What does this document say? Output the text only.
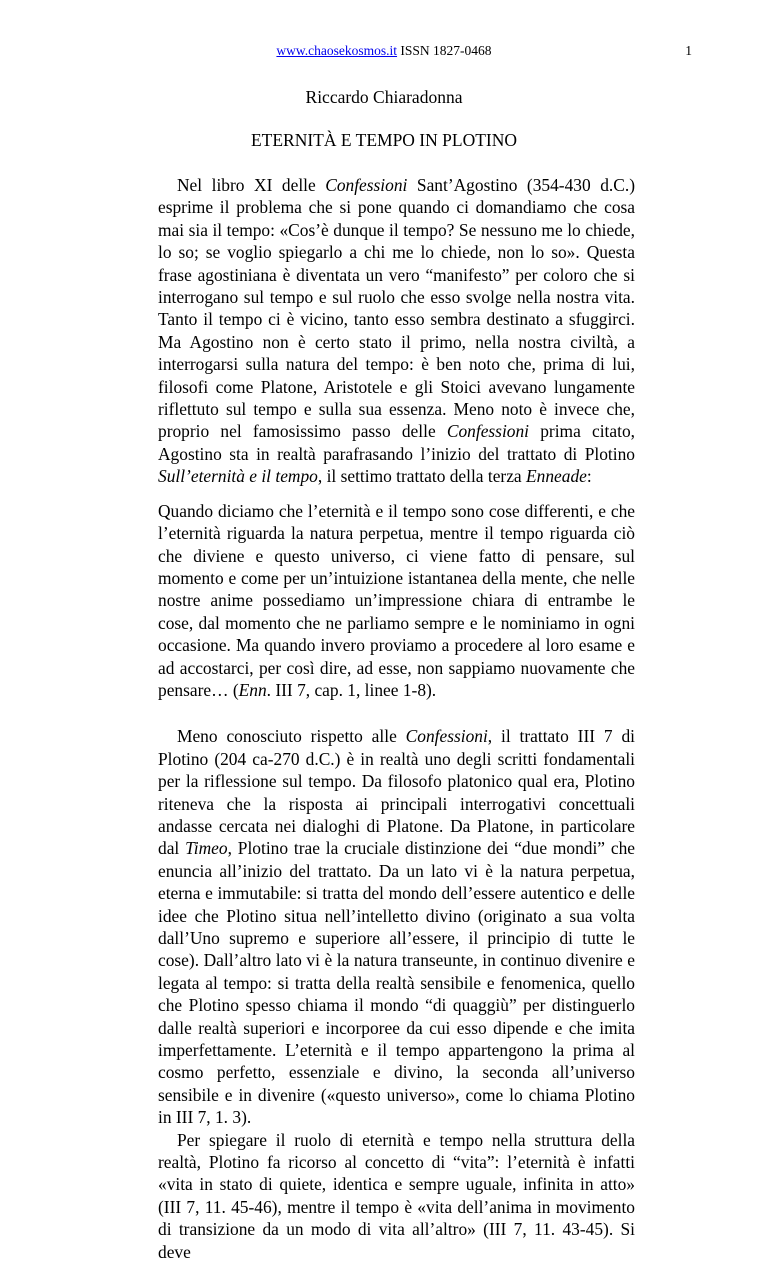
www.chaosekosmos.it ISSN 1827-0468	1
Riccardo Chiaradonna
ETERNITÀ E TEMPO IN PLOTINO

Nel libro XI delle Confessioni Sant’Agostino (354-430 d.C.) esprime il problema che si pone quando ci domandiamo che cosa mai sia il tempo: «Cos’è dunque il tempo? Se nessuno me lo chiede, lo so; se voglio spiegarlo a chi me lo chiede, non lo so». Questa frase agostiniana è diventata un vero “manifesto” per coloro che si interrogano sul tempo e sul ruolo che esso svolge nella nostra vita. Tanto il tempo ci è vicino, tanto esso sembra destinato a sfuggirci. Ma Agostino non è certo stato il primo, nella nostra civiltà, a interrogarsi sulla natura del tempo: è ben noto che, prima di lui, filosofi come Platone, Aristotele e gli Stoici avevano lungamente riflettuto sul tempo e sulla sua essenza. Meno noto è invece che, proprio nel famosissimo passo delle Confessioni prima citato, Agostino sta in realtà parafrasando l’inizio del trattato di Plotino Sull’eternità e il tempo, il settimo trattato della terza Enneade:

Quando diciamo che l’eternità e il tempo sono cose differenti, e che l’eternità riguarda la natura perpetua, mentre il tempo riguarda ciò che diviene e questo universo, ci viene fatto di pensare, sul momento e come per un’intuizione istantanea della mente, che nelle nostre anime possediamo un’impressione chiara di entrambe le cose, dal momento che ne parliamo sempre e le nominiamo in ogni occasione. Ma quando invero proviamo a procedere al loro esame e ad accostarci, per così dire, ad esse, non sappiamo nuovamente che pensare… (Enn. III 7, cap. 1, linee 1-8).

Meno conosciuto rispetto alle Confessioni, il trattato III 7 di Plotino (204 ca-270 d.C.) è in realtà uno degli scritti fondamentali per la riflessione sul tempo. Da filosofo platonico qual era, Plotino riteneva che la risposta ai principali interrogativi concettuali andasse cercata nei dialoghi di Platone. Da Platone, in particolare dal Timeo, Plotino trae la cruciale distinzione dei “due mondi” che enuncia all’inizio del trattato. Da un lato vi è la natura perpetua, eterna e immutabile: si tratta del mondo dell’essere autentico e delle idee che Plotino situa nell’intelletto divino (originato a sua volta dall’Uno supremo e superiore all’essere, il principio di tutte le cose). Dall’altro lato vi è la natura transeunte, in continuo divenire e legata al tempo: si tratta della realtà sensibile e fenomenica, quello che Plotino spesso chiama il mondo “di quaggiù” per distinguerlo dalle realtà superiori e incorporee da cui esso dipende e che imita imperfettamente. L’eternità e il tempo appartengono la prima al cosmo perfetto, essenziale e divino, la seconda all’universo sensibile e in divenire («questo universo», come lo chiama Plotino in III 7, 1. 3).

Per spiegare il ruolo di eternità e tempo nella struttura della realtà, Plotino fa ricorso al concetto di “vita”: l’eternità è infatti «vita in stato di quiete, identica e sempre uguale, infinita in atto» (III 7, 11. 45-46), mentre il tempo è «vita dell’anima in movimento di transizione da un modo di vita all’altro» (III 7, 11. 43-45). Si deve
